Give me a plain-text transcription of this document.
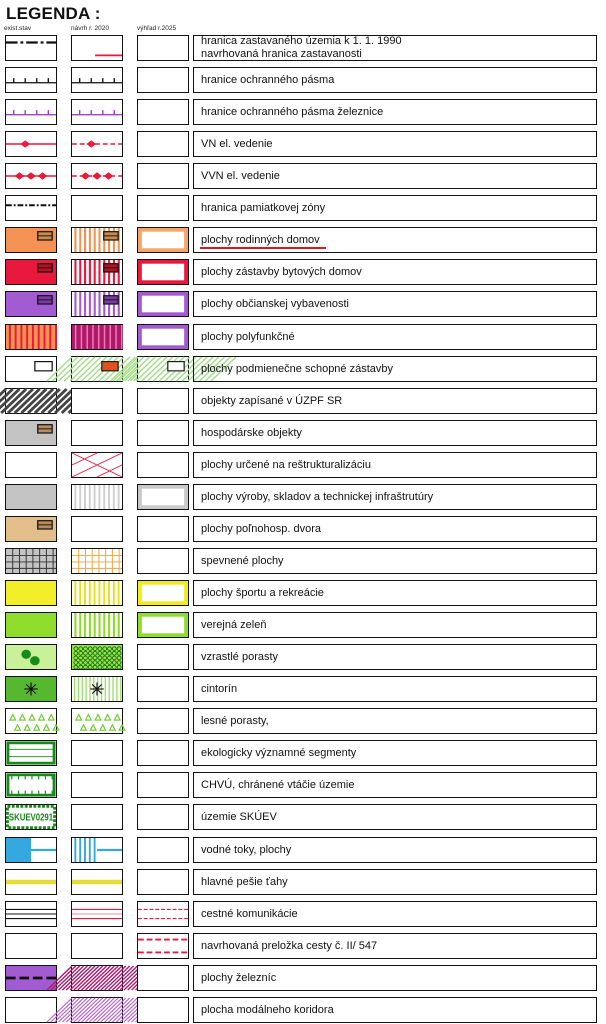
LEGENDA :
exist.stav	návrh r. 2020	výhľad r.2025
hranica zastavaného územia k 1. 1. 1990
navrhovaná hranica zastavanosti
hranice ochranného pásma
hranice ochranného pásma železnice
VN el. vedenie
VVN el. vedenie
hranica pamiatkovej zóny
plochy rodinných domov
plochy zástavby bytových domov
plochy občianskej vybavenosti
plochy polyfunkčné
plochy podmienečne schopné zástavby
objekty zapísané v ÚZPF SR
hospodárske objekty
plochy určené na reštrukturalizáciu
plochy výroby, skladov a technickej infraštrutúry
plochy poľnohosp. dvora
spevnené plochy
plochy športu a rekreácie
verejná zeleň
vzrastlé porasty
cintorín
lesné porasty,
ekologicky významné segmenty
CHVÚ, chránené vtáčie územie
SKUEV0291	územie SKÚEV
vodné toky, plochy
hlavné pešie ťahy
cestné komunikácie
navrhovaná preložka cesty č. II/ 547
plochy železníc
plocha modálneho koridora
